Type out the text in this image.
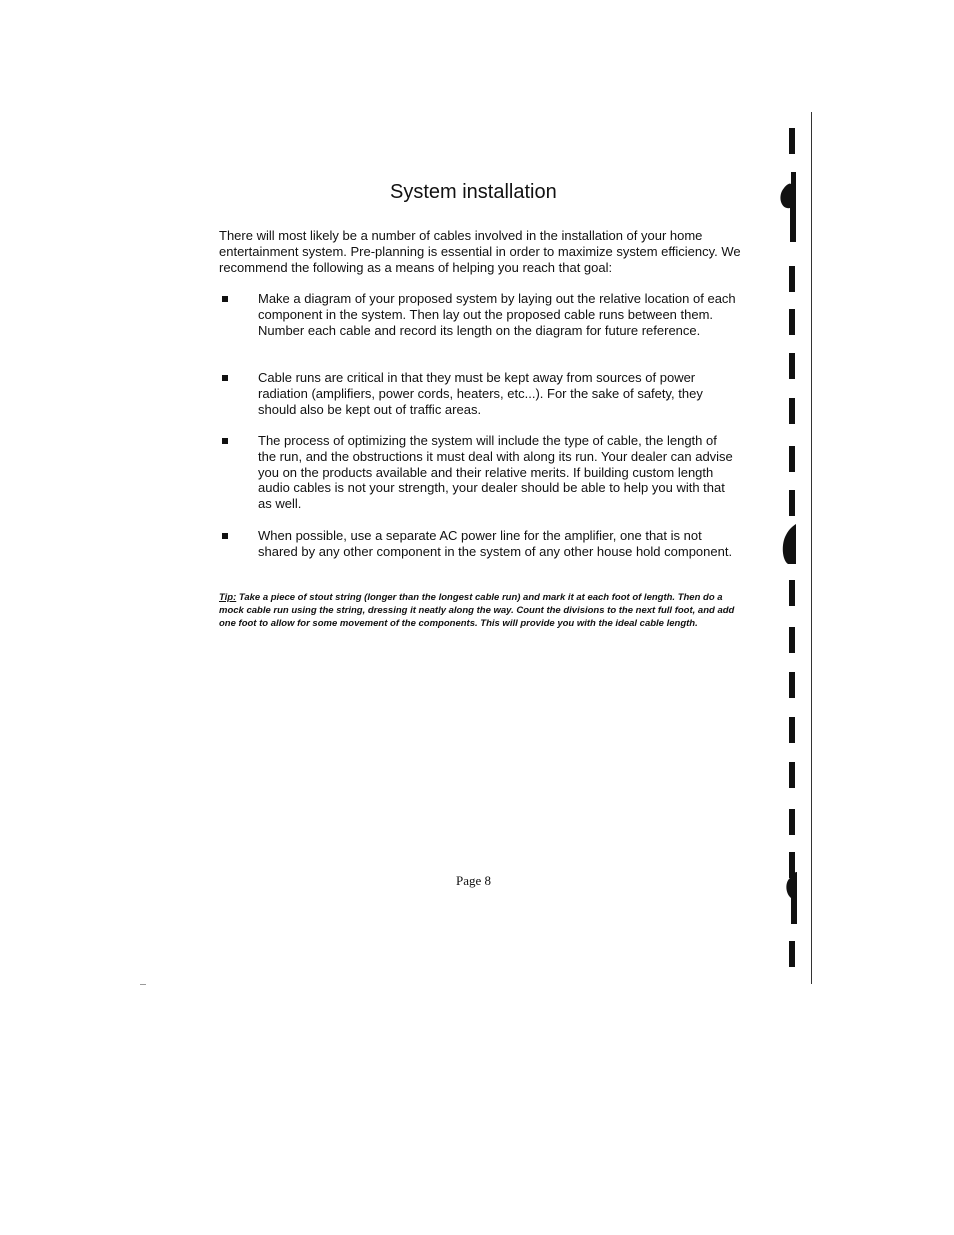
System installation

There will most likely be a number of cables involved in the installation of your home entertainment system. Pre-planning is essential in order to maximize system efficiency. We recommend the following as a means of helping you reach that goal:

Make a diagram of your proposed system by laying out the relative location of each component in the system. Then lay out the proposed cable runs between them. Number each cable and record its length on the diagram for future reference.

Cable runs are critical in that they must be kept away from sources of power radiation (amplifiers, power cords, heaters, etc...). For the sake of safety, they should also be kept out of traffic areas.

The process of optimizing the system will include the type of cable, the length of the run, and the obstructions it must deal with along its run. Your dealer can advise you on the products available and their relative merits. If building custom length audio cables is not your strength, your dealer should be able to help you with that as well.

When possible, use a separate AC power line for the amplifier, one that is not shared by any other component in the system of any other house hold component.

Tip: Take a piece of stout string (longer than the longest cable run) and mark it at each foot of length. Then do a mock cable run using the string, dressing it neatly along the way. Count the divisions to the next full foot, and add one foot to allow for some movement of the components. This will provide you with the ideal cable length.

Page 8
